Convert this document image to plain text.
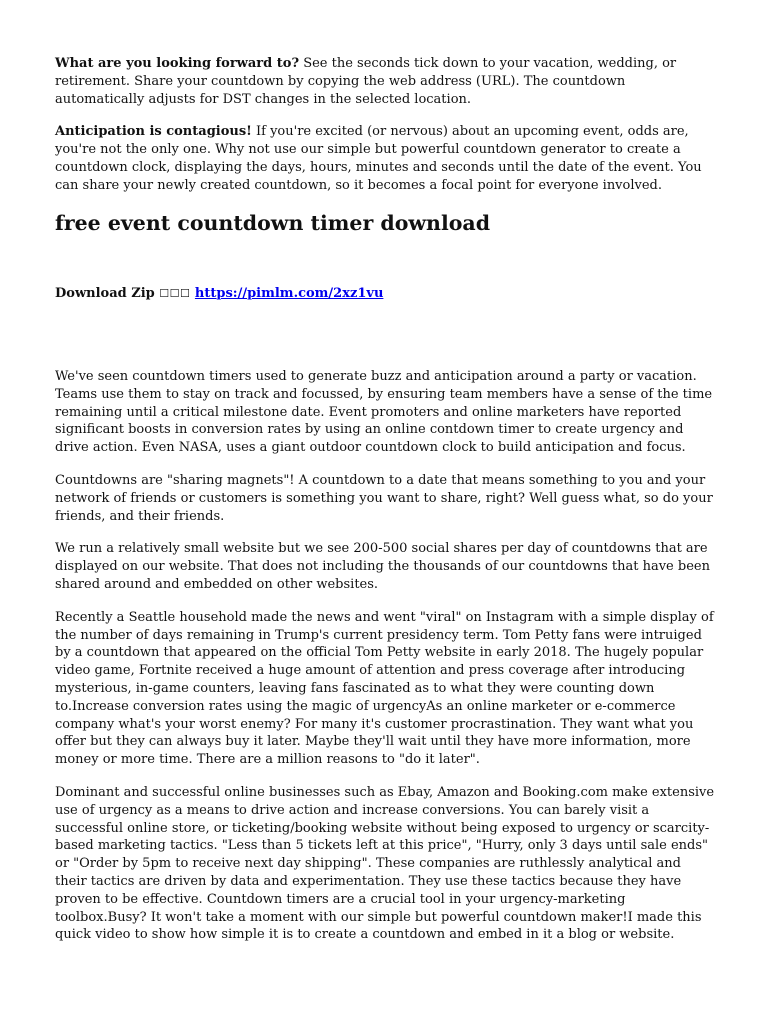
What are you looking forward to? See the seconds tick down to your vacation, wedding, or retirement. Share your countdown by copying the web address (URL). The countdown automatically adjusts for DST changes in the selected location.

Anticipation is contagious! If you're excited (or nervous) about an upcoming event, odds are, you're not the only one. Why not use our simple but powerful countdown generator to create a countdown clock, displaying the days, hours, minutes and seconds until the date of the event. You can share your newly created countdown, so it becomes a focal point for everyone involved.

free event countdown timer download
Download Zip ☐☐☐ https://pimlm.com/2xz1vu

We've seen countdown timers used to generate buzz and anticipation around a party or vacation. Teams use them to stay on track and focussed, by ensuring team members have a sense of the time remaining until a critical milestone date. Event promoters and online marketers have reported significant boosts in conversion rates by using an online contdown timer to create urgency and drive action. Even NASA, uses a giant outdoor countdown clock to build anticipation and focus.

Countdowns are "sharing magnets"! A countdown to a date that means something to you and your network of friends or customers is something you want to share, right? Well guess what, so do your friends, and their friends.

We run a relatively small website but we see 200-500 social shares per day of countdowns that are displayed on our website. That does not including the thousands of our countdowns that have been shared around and embedded on other websites.

Recently a Seattle household made the news and went "viral" on Instagram with a simple display of the number of days remaining in Trump's current presidency term. Tom Petty fans were intruiged by a countdown that appeared on the official Tom Petty website in early 2018. The hugely popular video game, Fortnite received a huge amount of attention and press coverage after introducing mysterious, in-game counters, leaving fans fascinated as to what they were counting down to.Increase conversion rates using the magic of urgencyAs an online marketer or e-commerce company what's your worst enemy? For many it's customer procrastination. They want what you offer but they can always buy it later. Maybe they'll wait until they have more information, more money or more time. There are a million reasons to "do it later".

Dominant and successful online businesses such as Ebay, Amazon and Booking.com make extensive use of urgency as a means to drive action and increase conversions. You can barely visit a successful online store, or ticketing/booking website without being exposed to urgency or scarcity-based marketing tactics. "Less than 5 tickets left at this price", "Hurry, only 3 days until sale ends" or "Order by 5pm to receive next day shipping". These companies are ruthlessly analytical and their tactics are driven by data and experimentation. They use these tactics because they have proven to be effective. Countdown timers are a crucial tool in your urgency-marketing toolbox.Busy? It won't take a moment with our simple but powerful countdown maker!I made this quick video to show how simple it is to create a countdown and embed in it a blog or website.
